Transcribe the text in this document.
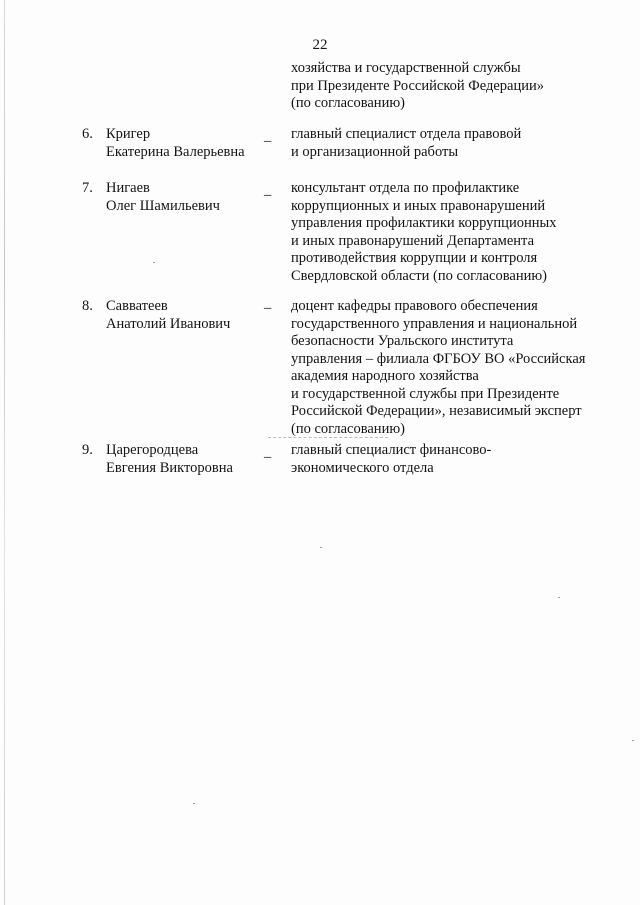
22
хозяйства и государственной службы
при Президенте Российской Федерации»
(по согласованию)
6. Кригер
Екатерина Валерьевна
_ главный специалист отдела правовой
и организационной работы
7. Нигаев
Олег Шамильевич
_ консультант отдела по профилактике
коррупционных и иных правонарушений
управления профилактики коррупционных
и иных правонарушений Департамента
противодействия коррупции и контроля
Свердловской области (по согласованию)
8. Савватеев
Анатолий Иванович
– доцент кафедры правового обеспечения
государственного управления и национальной
безопасности Уральского института
управления – филиала ФГБОУ ВО «Российская
академия народного хозяйства
и государственной службы при Президенте
Российской Федерации», независимый эксперт
(по согласованию)
9. Царегородцева
Евгения Викторовна
_ главный специалист финансово-
экономического отдела
